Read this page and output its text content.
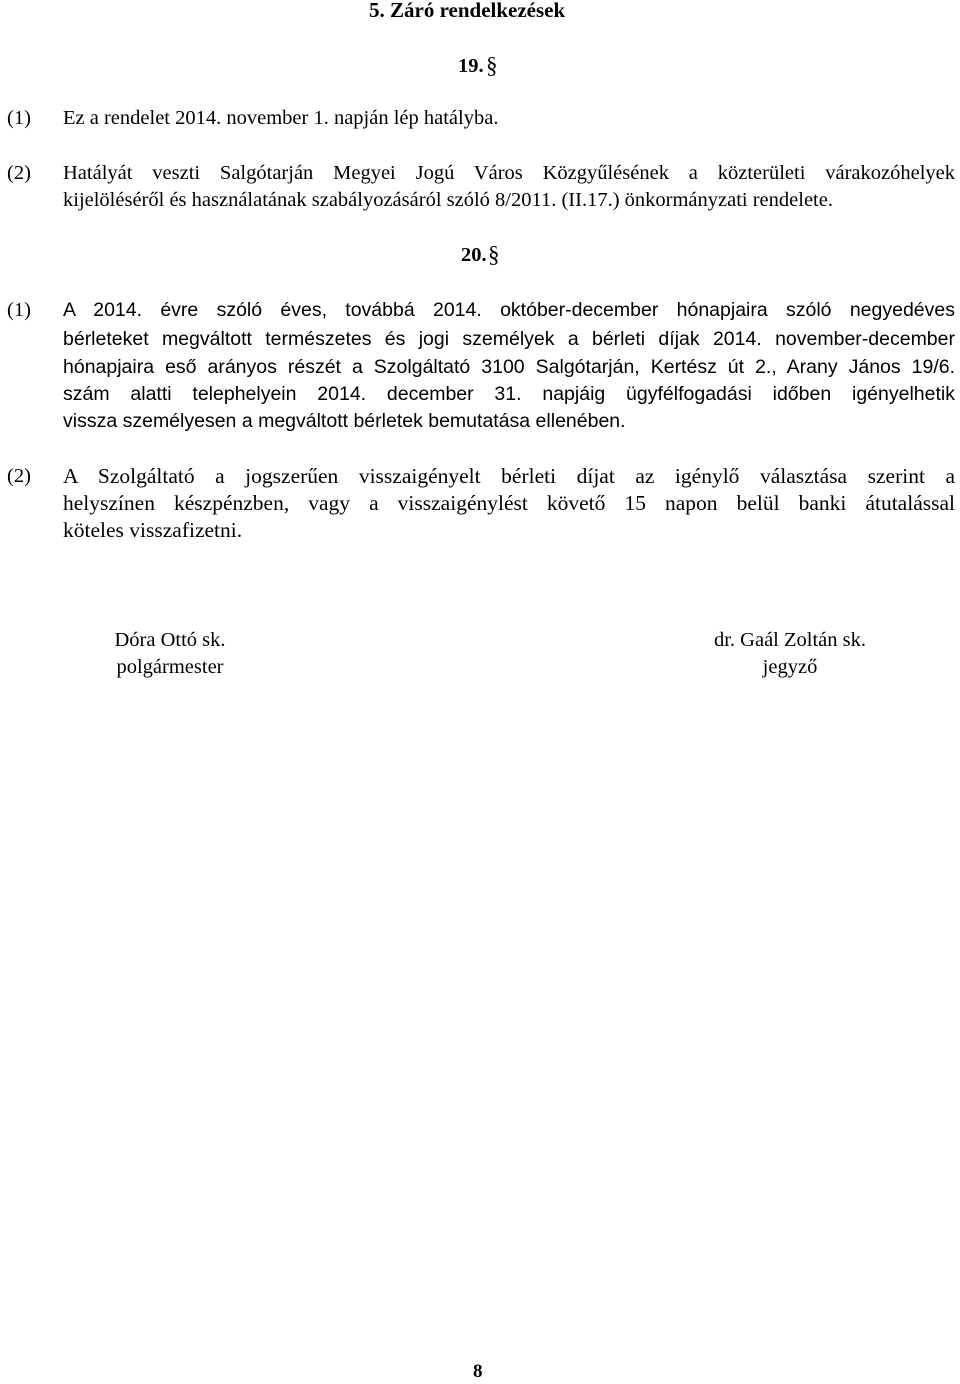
5. Záró rendelkezések
19. §
(1) Ez a rendelet 2014. november 1. napján lép hatályba.
(2) Hatályát veszti Salgótarján Megyei Jogú Város Közgyűlésének a közterületi várakozóhelyek
kijelöléséről és használatának szabályozásáról szóló 8/2011. (II.17.) önkormányzati rendelete.
20. §
(1) A 2014. évre szóló éves, továbbá 2014. október-december hónapjaira szóló negyedéves
bérleteket megváltott természetes és jogi személyek a bérleti díjak 2014. november-december
hónapjaira eső arányos részét a Szolgáltató 3100 Salgótarján, Kertész út 2., Arany János 19/6.
szám alatti telephelyein 2014. december 31. napjáig ügyfélfogadási időben igényelhetik
vissza személyesen a megváltott bérletek bemutatása ellenében.
(2) A Szolgáltató a jogszerűen visszaigényelt bérleti díjat az igénylő választása szerint a
helyszínen készpénzben, vagy a visszaigénylést követő 15 napon belül banki átutalással
köteles visszafizetni.
Dóra Ottó sk.
polgármester
dr. Gaál Zoltán sk.
jegyző
8
